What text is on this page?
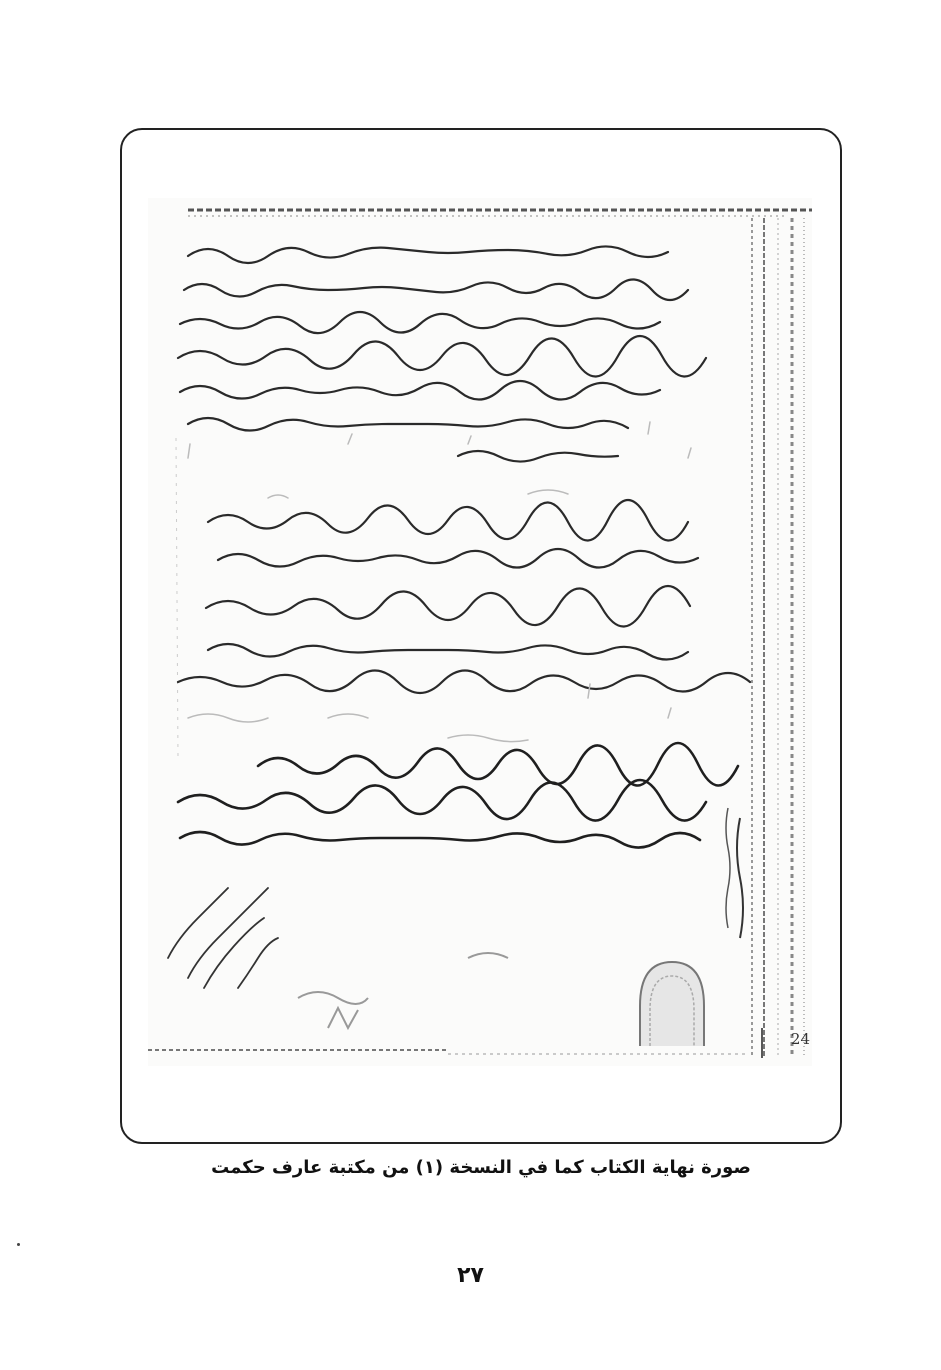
24
صورة نهاية الكتاب كما في النسخة (١) من مكتبة عارف حكمت
٢٧
